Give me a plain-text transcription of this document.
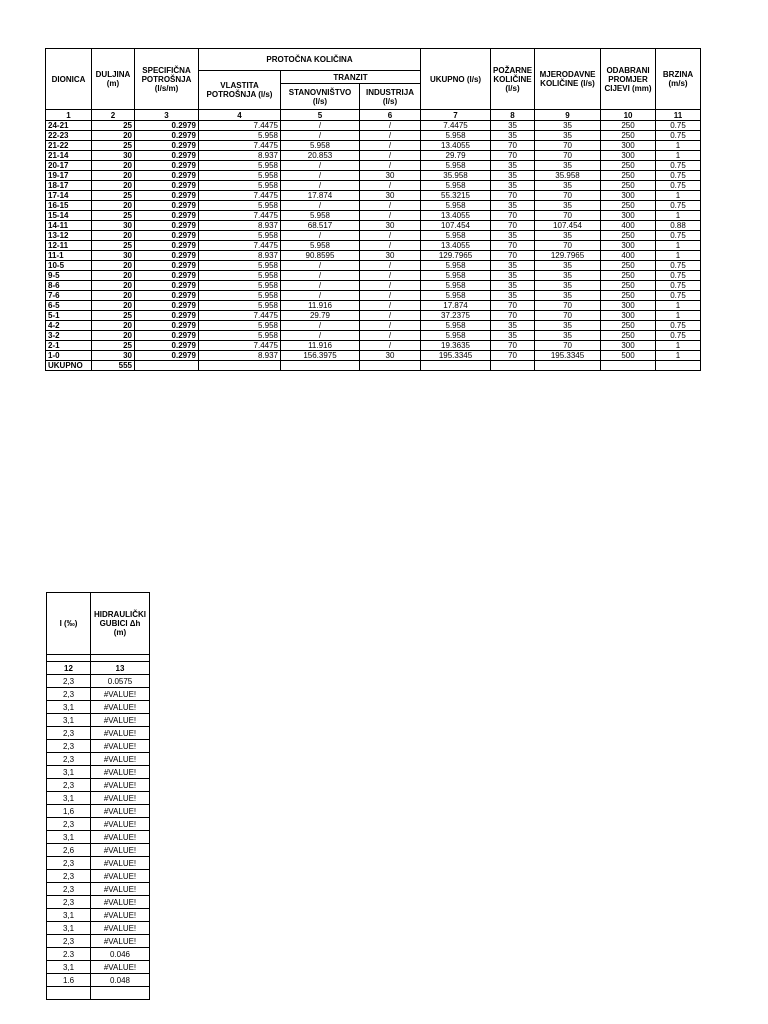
DIONICA	DULJINA (m)	SPECIFIČNA POTROŠNJA (l/s/m)	PROTOČNA KOLIČINA			UKUPNO (l/s)	POŽARNE KOLIČINE (l/s)	MJERODAVNE KOLIČINE (l/s)	ODABRANI PROMJER CIJEVI (mm)	BRZINA (m/s)
			VLASTITA POTROŠNJA (l/s)	TRANZIT						
				STANOVNIŠTVO (l/s)	INDUSTRIJA (l/s)					
1	2	3	4	5	6	7	8	9	10	11
24-21	25	0.2979	7.4475	/	/	7.4475	35	35	250	0.75
22-23	20	0.2979	5.958	/	/	5.958	35	35	250	0.75
21-22	25	0.2979	7.4475	5.958	/	13.4055	70	70	300	1
21-14	30	0.2979	8.937	20.853	/	29.79	70	70	300	1
20-17	20	0.2979	5.958	/	/	5.958	35	35	250	0.75
19-17	20	0.2979	5.958	/	30	35.958	35	35.958	250	0.75
18-17	20	0.2979	5.958	/	/	5.958	35	35	250	0.75
17-14	25	0.2979	7.4475	17.874	30	55.3215	70	70	300	1
16-15	20	0.2979	5.958	/	/	5.958	35	35	250	0.75
15-14	25	0.2979	7.4475	5.958	/	13.4055	70	70	300	1
14-11	30	0.2979	8.937	68.517	30	107.454	70	107.454	400	0.88
13-12	20	0.2979	5.958	/	/	5.958	35	35	250	0.75
12-11	25	0.2979	7.4475	5.958	/	13.4055	70	70	300	1
11-1	30	0.2979	8.937	90.8595	30	129.7965	70	129.7965	400	1
10-5	20	0.2979	5.958	/	/	5.958	35	35	250	0.75
9-5	20	0.2979	5.958	/	/	5.958	35	35	250	0.75
8-6	20	0.2979	5.958	/	/	5.958	35	35	250	0.75
7-6	20	0.2979	5.958	/	/	5.958	35	35	250	0.75
6-5	20	0.2979	5.958	11.916	/	17.874	70	70	300	1
5-1	25	0.2979	7.4475	29.79	/	37.2375	70	70	300	1
4-2	20	0.2979	5.958	/	/	5.958	35	35	250	0.75
3-2	20	0.2979	5.958	/	/	5.958	35	35	250	0.75
2-1	25	0.2979	7.4475	11.916	/	19.3635	70	70	300	1
1-0	30	0.2979	8.937	156.3975	30	195.3345	70	195.3345	500	1
UKUPNO	555									
I (‰)	HIDRAULIČKI GUBICI Δh (m)

12	13
2,3	0.0575
2,3	#VALUE!
3,1	#VALUE!
3,1	#VALUE!
2,3	#VALUE!
2,3	#VALUE!
2,3	#VALUE!
3,1	#VALUE!
2,3	#VALUE!
3,1	#VALUE!
1,6	#VALUE!
2,3	#VALUE!
3,1	#VALUE!
2,6	#VALUE!
2,3	#VALUE!
2,3	#VALUE!
2,3	#VALUE!
2,3	#VALUE!
3,1	#VALUE!
3,1	#VALUE!
2,3	#VALUE!
2.3	0.046
3,1	#VALUE!
1.6	0.048
